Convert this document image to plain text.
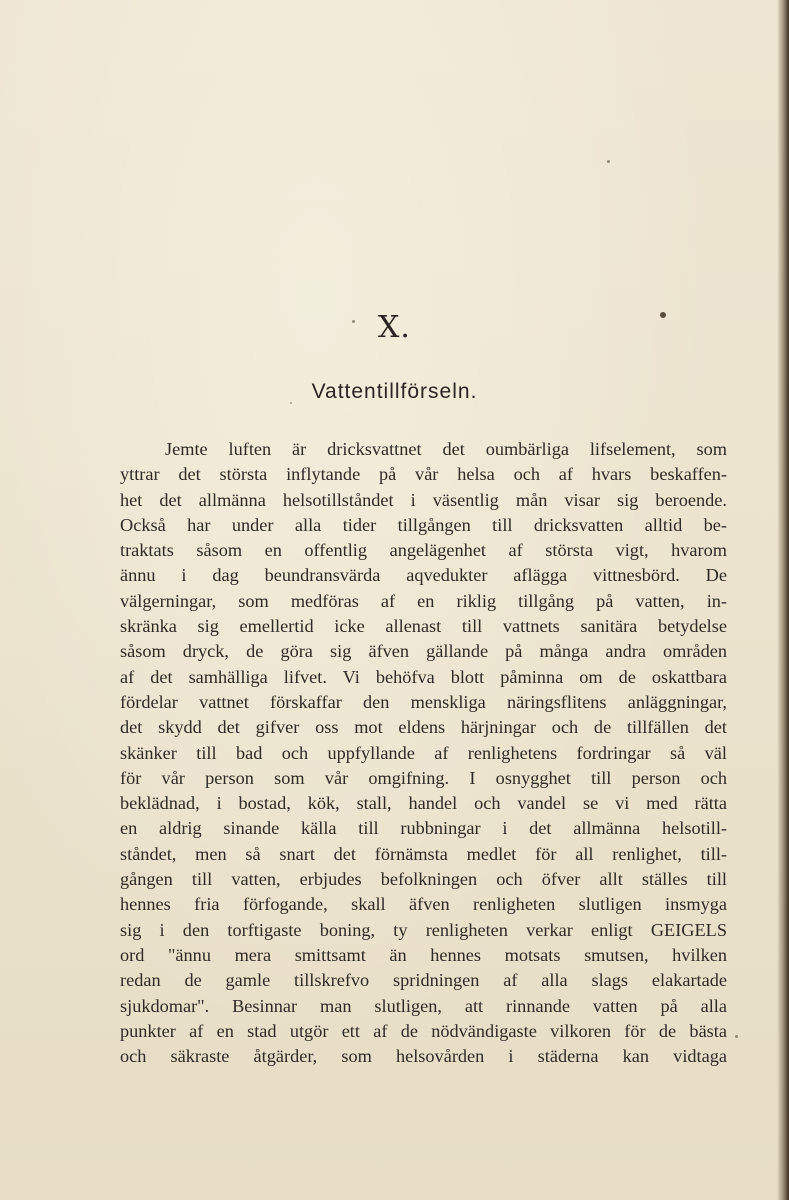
X.
Vattentillförseln.
Jemte luften är dricksvattnet det oumbärliga lifselement, som
yttrar det största inflytande på vår helsa och af hvars beskaffen-
het det allmänna helsotillståndet i väsentlig mån visar sig beroende.
Också har under alla tider tillgången till dricksvatten alltid be-
traktats såsom en offentlig angelägenhet af största vigt, hvarom
ännu i dag beundransvärda aqvedukter aflägga vittnesbörd. De
välgerningar, som medföras af en riklig tillgång på vatten, in-
skränka sig emellertid icke allenast till vattnets sanitära betydelse
såsom dryck, de göra sig äfven gällande på många andra områden
af det samhälliga lifvet. Vi behöfva blott påminna om de oskattbara
fördelar vattnet förskaffar den menskliga näringsflitens anläggningar,
det skydd det gifver oss mot eldens härjningar och de tillfällen det
skänker till bad och uppfyllande af renlighetens fordringar så väl
för vår person som vår omgifning. I osnygghet till person och
beklädnad, i bostad, kök, stall, handel och vandel se vi med rätta
en aldrig sinande källa till rubbningar i det allmänna helsotill-
ståndet, men så snart det förnämsta medlet för all renlighet, till-
gången till vatten, erbjudes befolkningen och öfver allt ställes till
hennes fria förfogande, skall äfven renligheten slutligen insmyga
sig i den torftigaste boning, ty renligheten verkar enligt GEIGELS
ord "ännu mera smittsamt än hennes motsats smutsen, hvilken
redan de gamle tillskrefvo spridningen af alla slags elakartade
sjukdomar". Besinnar man slutligen, att rinnande vatten på alla
punkter af en stad utgör ett af de nödvändigaste vilkoren för de bästa
och säkraste åtgärder, som helsovården i städerna kan vidtaga
